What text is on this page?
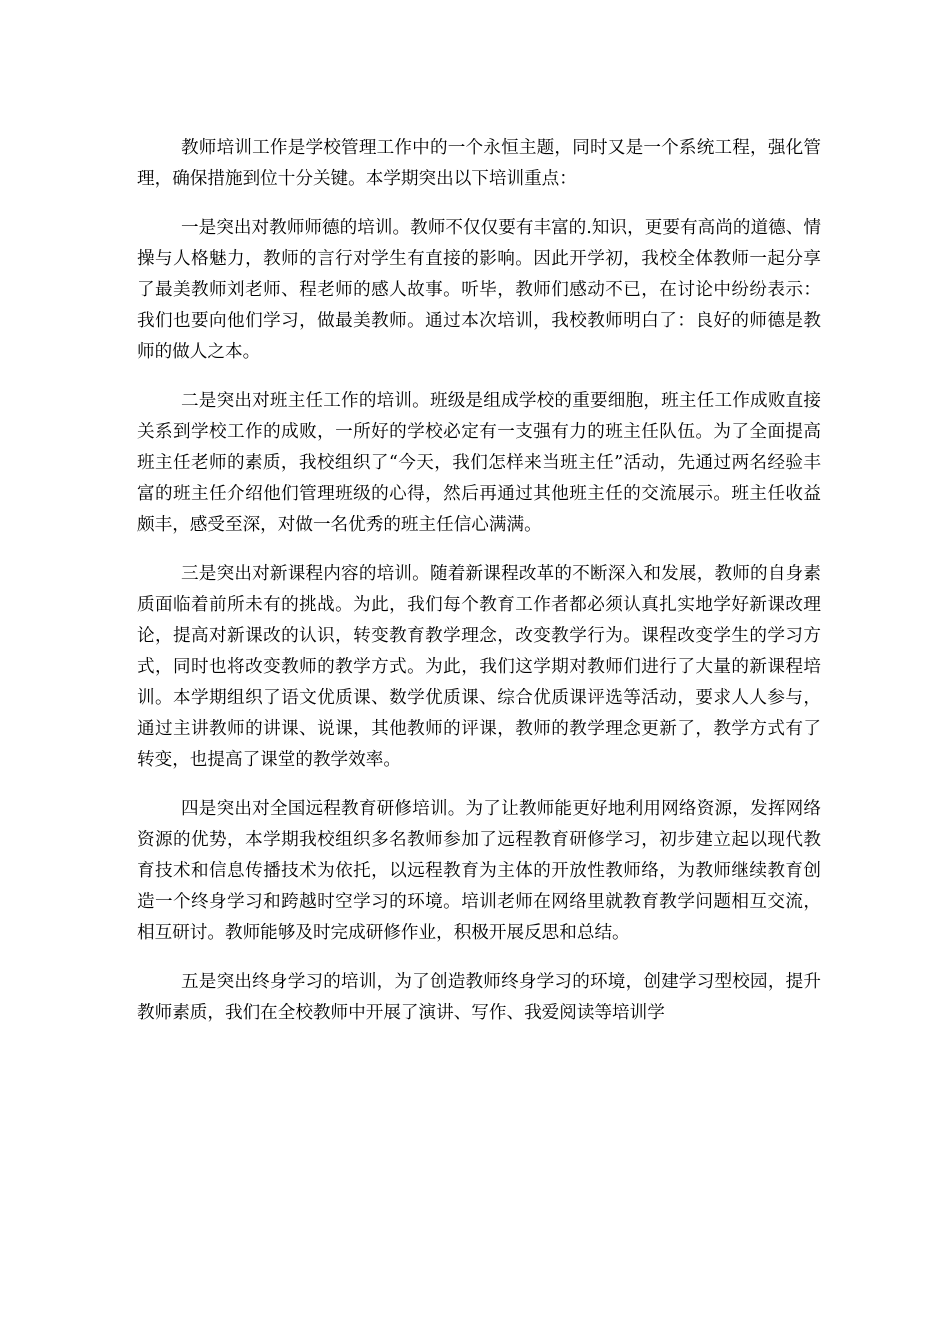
教师培训工作是学校管理工作中的一个永恒主题，同时又是一个系统工程，强化管理，确保措施到位十分关键。本学期突出以下培训重点：

一是突出对教师师德的培训。教师不仅仅要有丰富的.知识，更要有高尚的道德、情操与人格魅力，教师的言行对学生有直接的影响。因此开学初，我校全体教师一起分享了最美教师刘老师、程老师的感人故事。听毕，教师们感动不已，在讨论中纷纷表示：我们也要向他们学习，做最美教师。通过本次培训，我校教师明白了：良好的师德是教师的做人之本。

二是突出对班主任工作的培训。班级是组成学校的重要细胞，班主任工作成败直接关系到学校工作的成败，一所好的学校必定有一支强有力的班主任队伍。为了全面提高班主任老师的素质，我校组织了“今天，我们怎样来当班主任”活动，先通过两名经验丰富的班主任介绍他们管理班级的心得，然后再通过其他班主任的交流展示。班主任收益颇丰，感受至深，对做一名优秀的班主任信心满满。

三是突出对新课程内容的培训。随着新课程改革的不断深入和发展，教师的自身素质面临着前所未有的挑战。为此，我们每个教育工作者都必须认真扎实地学好新课改理论，提高对新课改的认识，转变教育教学理念，改变教学行为。课程改变学生的学习方式，同时也将改变教师的教学方式。为此，我们这学期对教师们进行了大量的新课程培训。本学期组织了语文优质课、数学优质课、综合优质课评选等活动，要求人人参与，通过主讲教师的讲课、说课，其他教师的评课，教师的教学理念更新了，教学方式有了转变，也提高了课堂的教学效率。

四是突出对全国远程教育研修培训。为了让教师能更好地利用网络资源，发挥网络资源的优势，本学期我校组织多名教师参加了远程教育研修学习，初步建立起以现代教育技术和信息传播技术为依托，以远程教育为主体的开放性教师络，为教师继续教育创造一个终身学习和跨越时空学习的环境。培训老师在网络里就教育教学问题相互交流，相互研讨。教师能够及时完成研修作业，积极开展反思和总结。

五是突出终身学习的培训，为了创造教师终身学习的环境，创建学习型校园，提升教师素质，我们在全校教师中开展了演讲、写作、我爱阅读等培训学
